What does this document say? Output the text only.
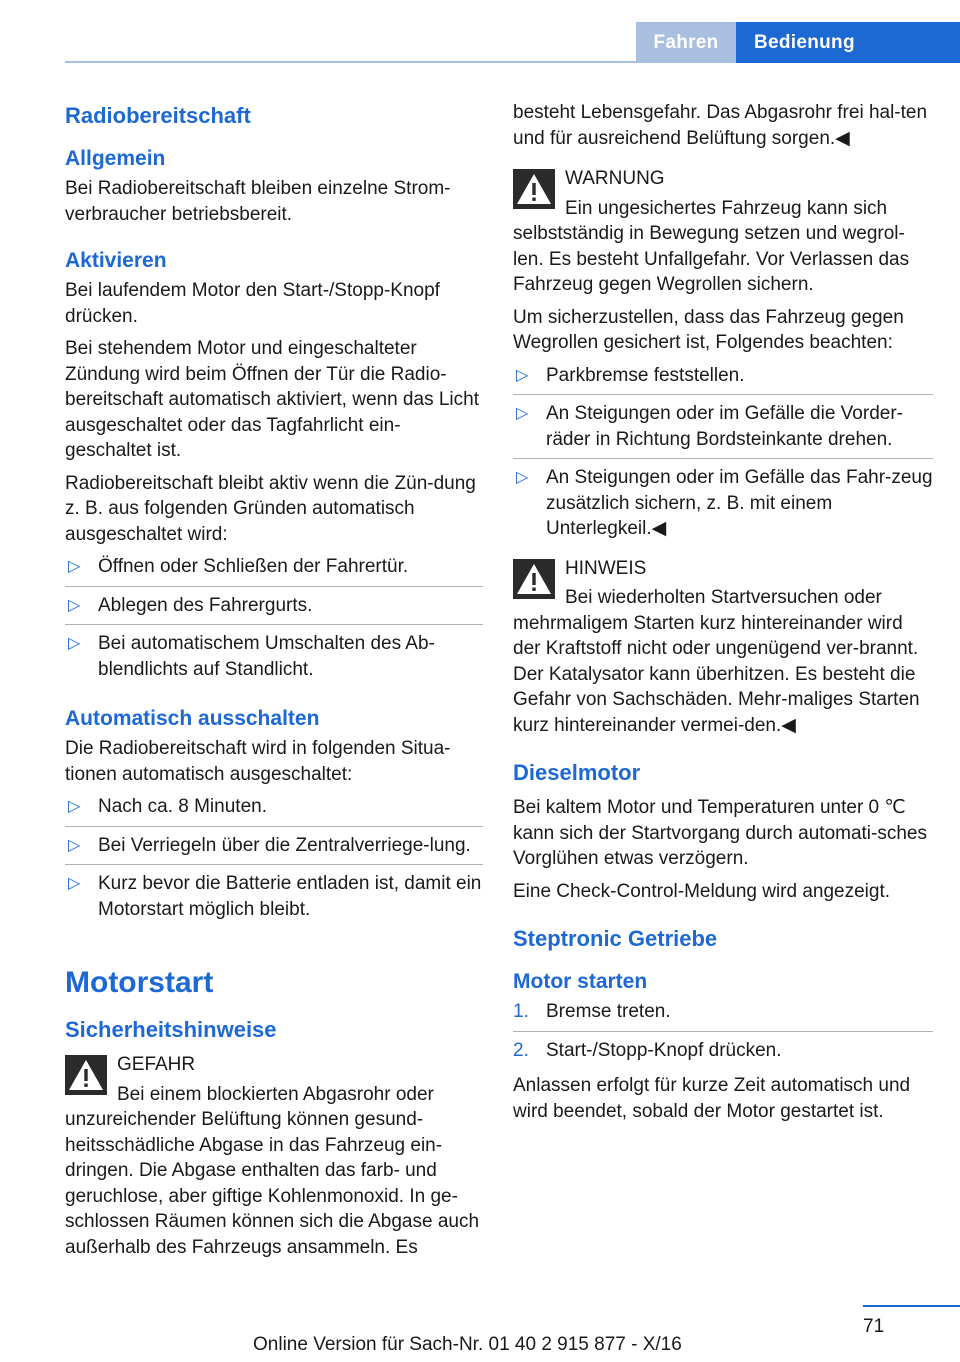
Fahren	Bedienung
Radiobereitschaft
Allgemein

Bei Radiobereitschaft bleiben einzelne Strom‐verbraucher betriebsbereit.

Aktivieren

Bei laufendem Motor den Start-/Stopp-Knopf drücken.

Bei stehendem Motor und eingeschalteter Zündung wird beim Öffnen der Tür die Radio‐bereitschaft automatisch aktiviert, wenn das Licht ausgeschaltet oder das Tagfahrlicht ein‐geschaltet ist.

Radiobereitschaft bleibt aktiv wenn die Zün‐dung z. B. aus folgenden Gründen automatisch ausgeschaltet wird:

▷ Öffnen oder Schließen der Fahrertür.
▷ Ablegen des Fahrergurts.
▷ Bei automatischem Umschalten des Ab‐blendlichts auf Standlicht.
Automatisch ausschalten

Die Radiobereitschaft wird in folgenden Situa‐tionen automatisch ausgeschaltet:

▷ Nach ca. 8 Minuten.
▷ Bei Verriegeln über die Zentralverriege‐lung.
▷ Kurz bevor die Batterie entladen ist, damit ein Motorstart möglich bleibt.
Motorstart
Sicherheitshinweise
GEFAHR
Bei einem blockierten Abgasrohr oder unzureichender Belüftung können gesund‐heitsschädliche Abgase in das Fahrzeug ein‐dringen. Die Abgase enthalten das farb- und geruchlose, aber giftige Kohlenmonoxid. In ge‐schlossen Räumen können sich die Abgase auch außerhalb des Fahrzeugs ansammeln. Es

besteht Lebensgefahr. Das Abgasrohr frei hal‐ten und für ausreichend Belüftung sorgen.◀

WARNUNG
Ein ungesichertes Fahrzeug kann sich selbstständig in Bewegung setzen und wegrol‐len. Es besteht Unfallgefahr. Vor Verlassen das Fahrzeug gegen Wegrollen sichern.

Um sicherzustellen, dass das Fahrzeug gegen Wegrollen gesichert ist, Folgendes beachten:

▷ Parkbremse feststellen.
▷ An Steigungen oder im Gefälle die Vorder‐räder in Richtung Bordsteinkante drehen.
▷ An Steigungen oder im Gefälle das Fahr‐zeug zusätzlich sichern, z. B. mit einem Unterlegkeil.◀
HINWEIS
Bei wiederholten Startversuchen oder mehrmaligem Starten kurz hintereinander wird der Kraftstoff nicht oder ungenügend ver‐brannt. Der Katalysator kann überhitzen. Es besteht die Gefahr von Sachschäden. Mehr‐maliges Starten kurz hintereinander vermei‐den.◀
Dieselmotor

Bei kaltem Motor und Temperaturen unter 0 ℃ kann sich der Startvorgang durch automati‐sches Vorglühen etwas verzögern.

Eine Check-Control-Meldung wird angezeigt.

Steptronic Getriebe
Motor starten
1. Bremse treten.
2. Start-/Stopp-Knopf drücken.

Anlassen erfolgt für kurze Zeit automatisch und wird beendet, sobald der Motor gestartet ist.

71
Online Version für Sach-Nr. 01 40 2 915 877 - X/16
